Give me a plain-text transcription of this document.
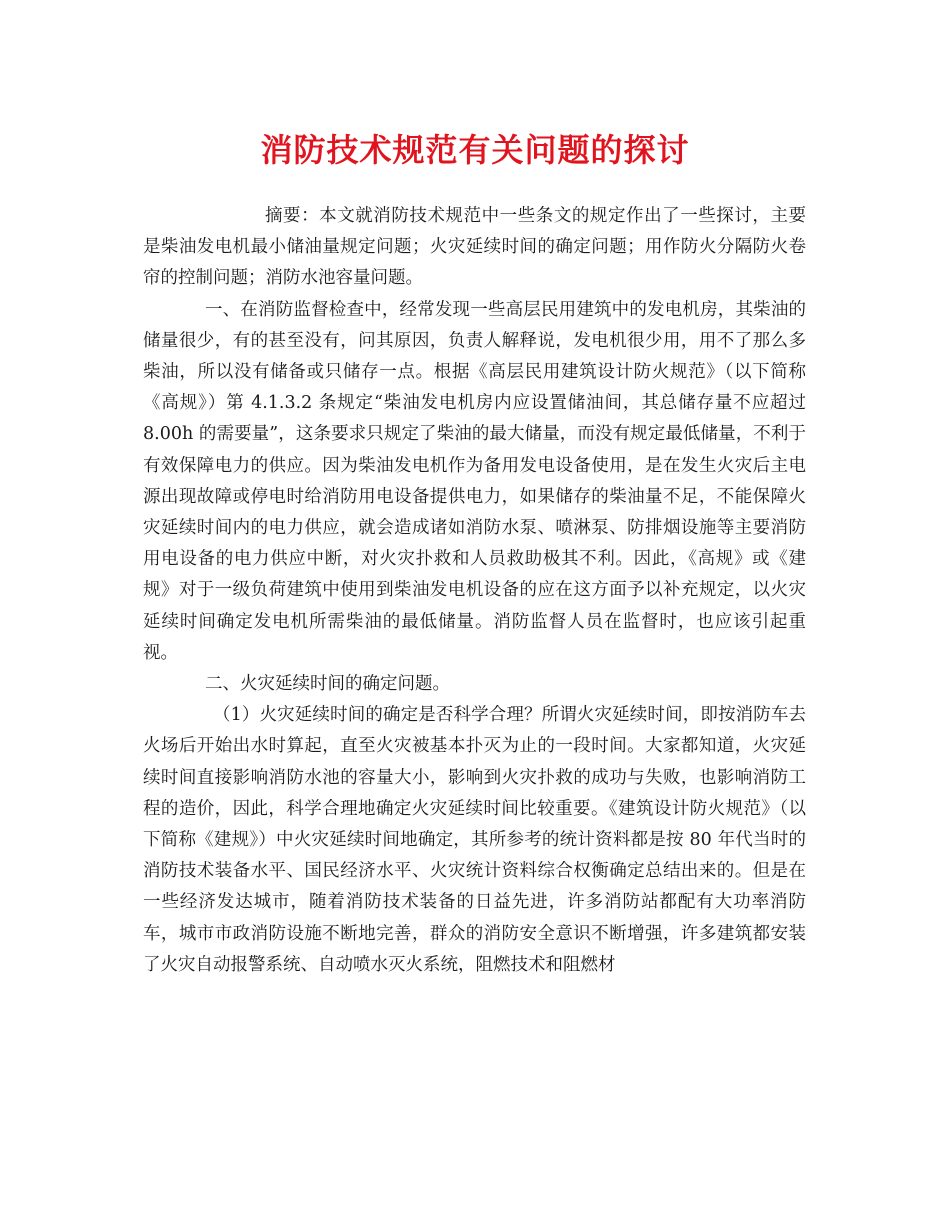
消防技术规范有关问题的探讨

摘要：本文就消防技术规范中一些条文的规定作出了一些探讨，主要是柴油发电机最小储油量规定问题；火灾延续时间的确定问题；用作防火分隔防火卷帘的控制问题；消防水池容量问题。

一、在消防监督检查中，经常发现一些高层民用建筑中的发电机房，其柴油的储量很少，有的甚至没有，问其原因，负责人解释说，发电机很少用，用不了那么多柴油，所以没有储备或只储存一点。根据《高层民用建筑设计防火规范》（以下简称《高规》）第 4.1.3.2 条规定“柴油发电机房内应设置储油间，其总储存量不应超过 8.00h 的需要量”，这条要求只规定了柴油的最大储量，而没有规定最低储量，不利于有效保障电力的供应。因为柴油发电机作为备用发电设备使用，是在发生火灾后主电源出现故障或停电时给消防用电设备提供电力，如果储存的柴油量不足，不能保障火灾延续时间内的电力供应，就会造成诸如消防水泵、喷淋泵、防排烟设施等主要消防用电设备的电力供应中断，对火灾扑救和人员救助极其不利。因此，《高规》或《建规》对于一级负荷建筑中使用到柴油发电机设备的应在这方面予以补充规定，以火灾延续时间确定发电机所需柴油的最低储量。消防监督人员在监督时，也应该引起重视。

二、火灾延续时间的确定问题。

（1）火灾延续时间的确定是否科学合理？所谓火灾延续时间，即按消防车去火场后开始出水时算起，直至火灾被基本扑灭为止的一段时间。大家都知道，火灾延续时间直接影响消防水池的容量大小，影响到火灾扑救的成功与失败，也影响消防工程的造价，因此，科学合理地确定火灾延续时间比较重要。《建筑设计防火规范》（以下简称《建规》）中火灾延续时间地确定，其所参考的统计资料都是按 80 年代当时的消防技术装备水平、国民经济水平、火灾统计资料综合权衡确定总结出来的。但是在一些经济发达城市，随着消防技术装备的日益先进，许多消防站都配有大功率消防车，城市市政消防设施不断地完善，群众的消防安全意识不断增强，许多建筑都安装了火灾自动报警系统、自动喷水灭火系统，阻燃技术和阻燃材
